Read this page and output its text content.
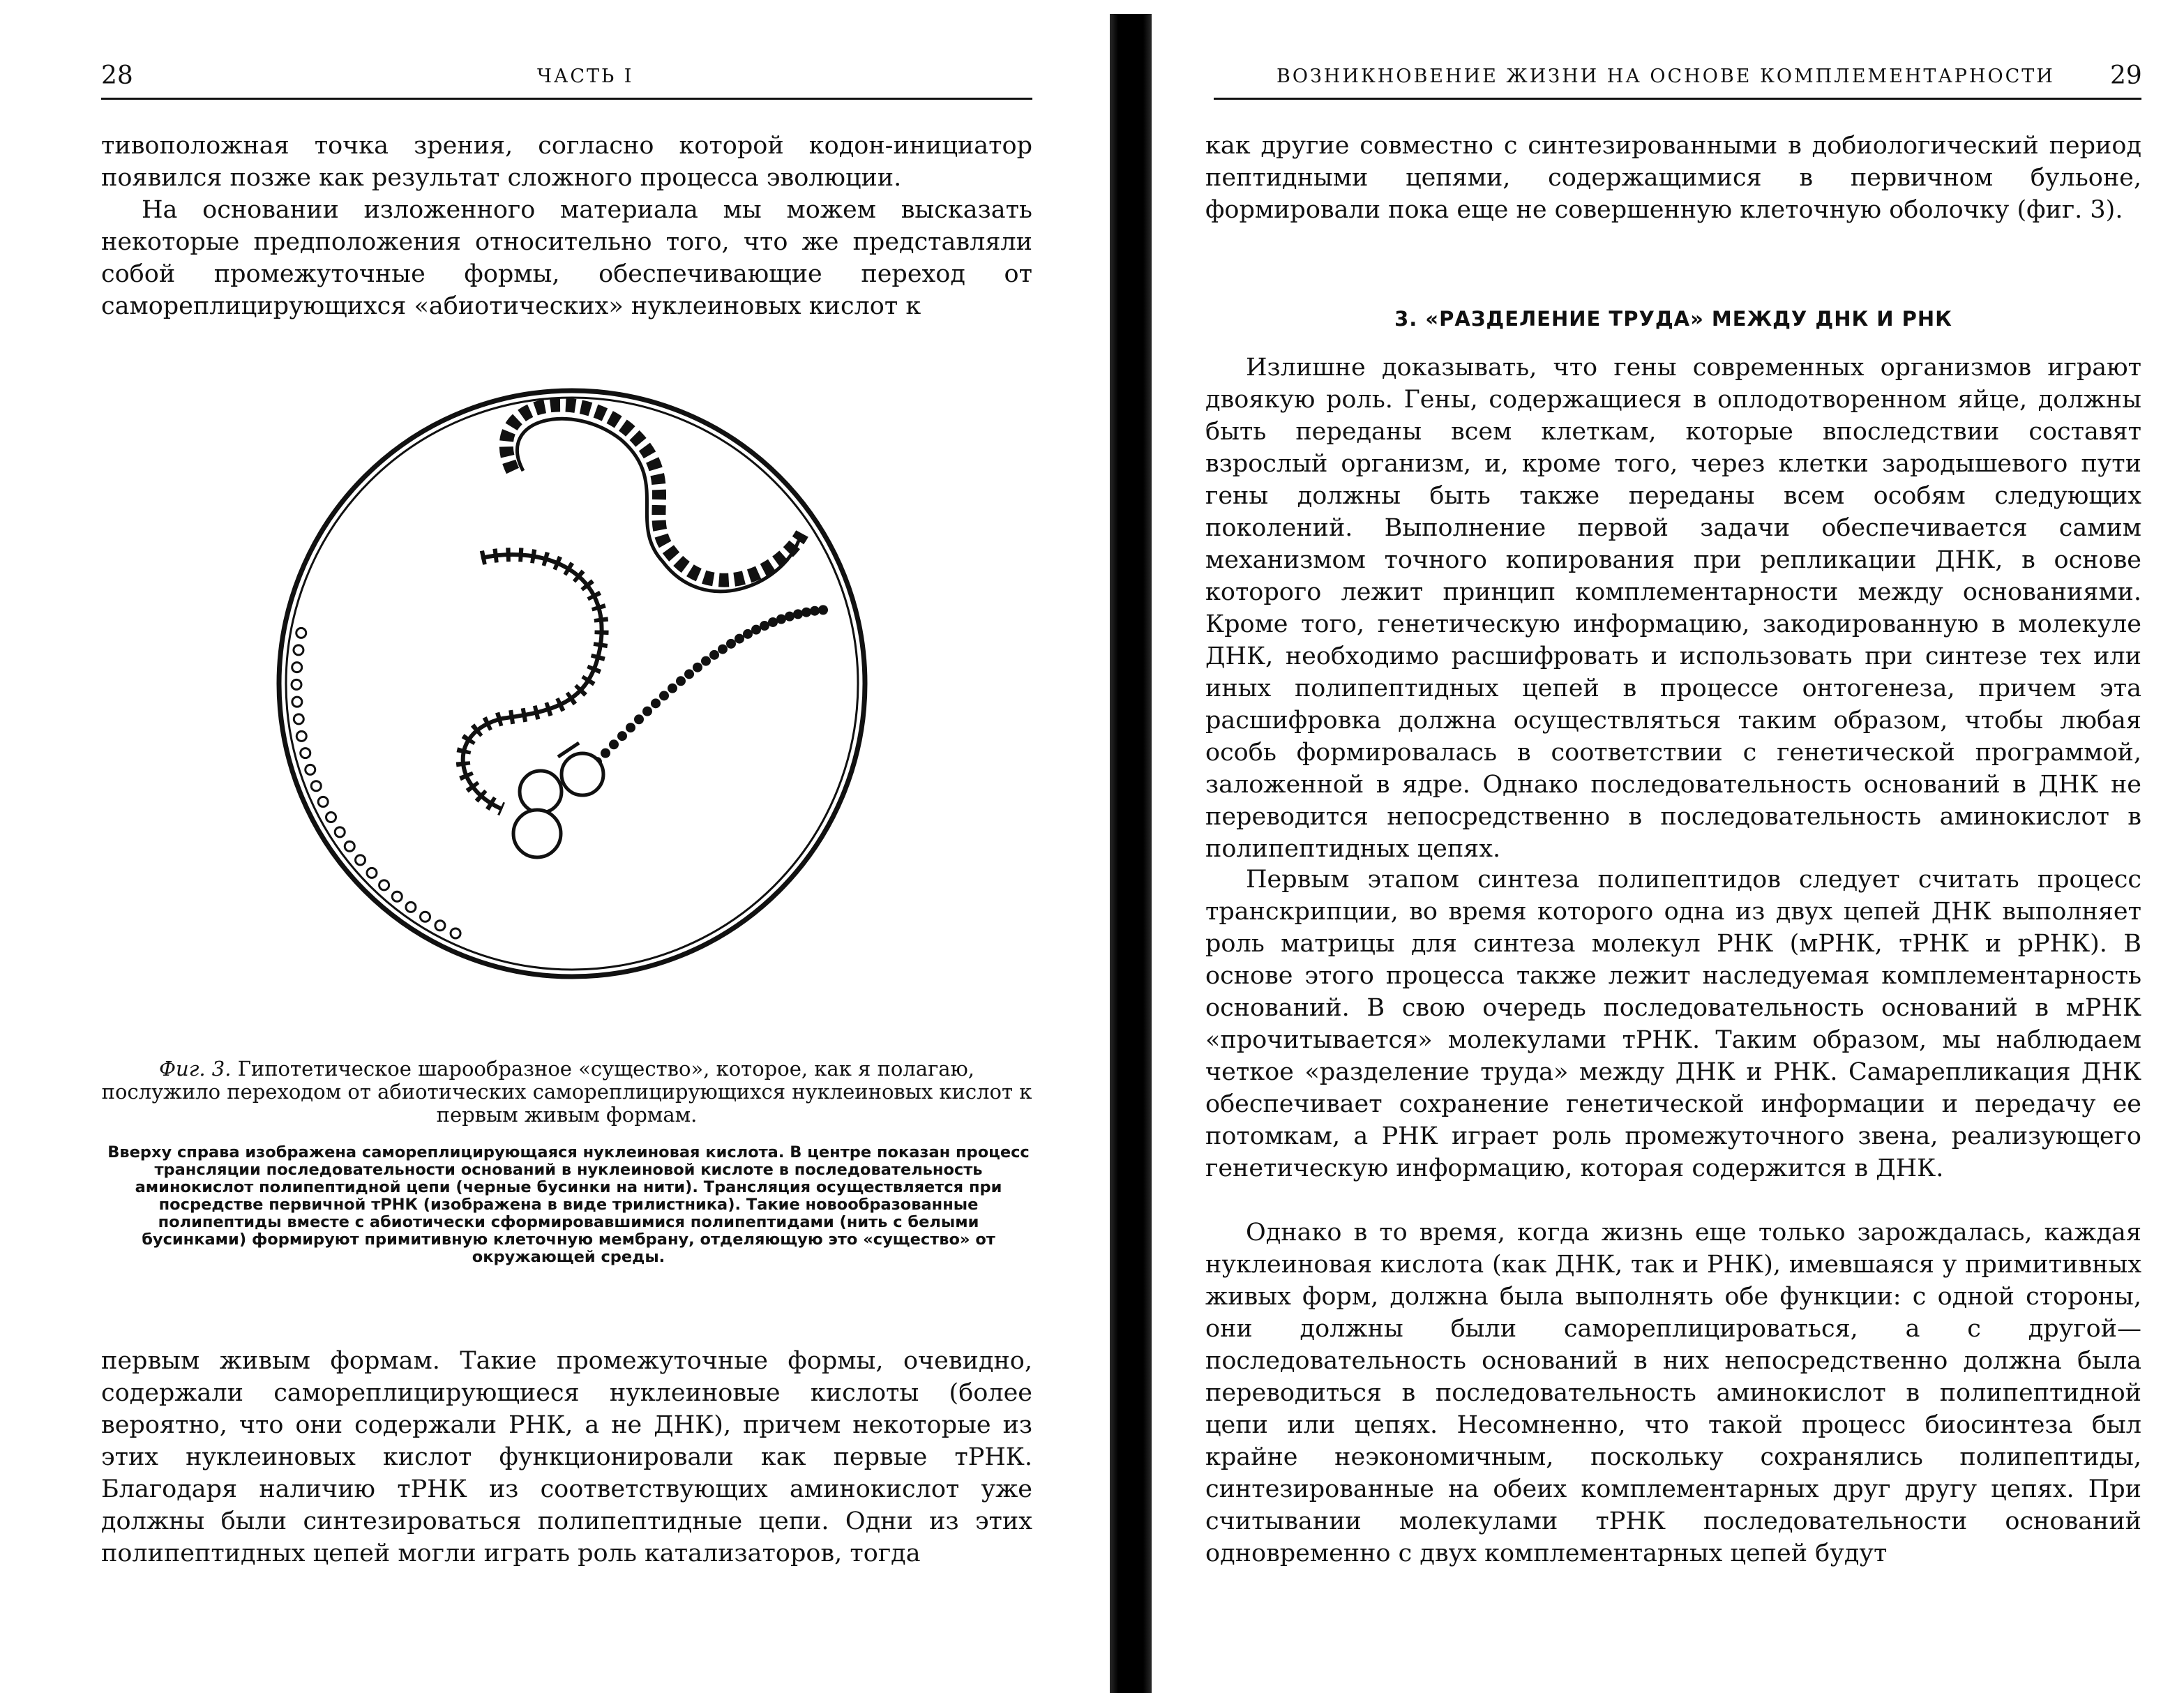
28	ЧАСТЬ I

тивоположная точка зрения, согласно которой кодон-инициатор появился позже как результат сложного процесса эволюции.

На основании изложенного материала мы можем высказать некоторые предположения относительно того, что же представляли собой промежуточные формы, обеспечивающие переход от самореплицирующихся «абиотических» нуклеиновых кислот к

Фиг. 3. Гипотетическое шарообразное «существо», которое, как я полагаю, послужило переходом от абиотических самореплицирующихся нуклеиновых кислот к первым живым формам.
Вверху справа изображена самореплицирующаяся нуклеиновая кислота. В центре показан процесс трансляции последовательности оснований в нуклеиновой кислоте в последовательность аминокислот полипептидной цепи (черные бусинки на нити). Трансляция осуществляется при посредстве первичной тРНК (изображена в виде трилистника). Такие новообразованные полипептиды вместе с абиотически сформировавшимися полипептидами (нить с белыми бусинками) формируют примитивную клеточную мембрану, отделяющую это «существо» от окружающей среды.

первым живым формам. Такие промежуточные формы, очевидно, содержали самореплицирующиеся нуклеиновые кислоты (более вероятно, что они содержали РНК, а не ДНК), причем некоторые из этих нуклеиновых кислот функционировали как первые тРНК. Благодаря наличию тРНК из соответствующих аминокислот уже должны были синтезироваться полипептидные цепи. Одни из этих полипептидных цепей могли играть роль катализаторов, тогда

ВОЗНИКНОВЕНИЕ ЖИЗНИ НА ОСНОВЕ КОМПЛЕМЕНТАРНОСТИ 29

как другие совместно с синтезированными в добиологический период пептидными цепями, содержащимися в первичном бульоне, формировали пока еще не совершенную клеточную оболочку (фиг. 3).

3. «РАЗДЕЛЕНИЕ ТРУДА» МЕЖДУ ДНК И РНК

Излишне доказывать, что гены современных организмов играют двоякую роль. Гены, содержащиеся в оплодотворенном яйце, должны быть переданы всем клеткам, которые впоследствии составят взрослый организм, и, кроме того, через клетки зародышевого пути гены должны быть также переданы всем особям следующих поколений. Выполнение первой задачи обеспечивается самим механизмом точного копирования при репликации ДНК, в основе которого лежит принцип комплементарности между основаниями. Кроме того, генетическую информацию, закодированную в молекуле ДНК, необходимо расшифровать и использовать при синтезе тех или иных полипептидных цепей в процессе онтогенеза, причем эта расшифровка должна осуществляться таким образом, чтобы любая особь формировалась в соответствии с генетической программой, заложенной в ядре. Однако последовательность оснований в ДНК не переводится непосредственно в последовательность аминокислот в полипептидных цепях.

Первым этапом синтеза полипептидов следует считать процесс транскрипции, во время которого одна из двух цепей ДНК выполняет роль матрицы для синтеза молекул РНК (мРНК, тРНК и рРНК). В основе этого процесса также лежит наследуемая комплементарность оснований. В свою очередь последовательность оснований в мРНК «прочитывается» молекулами тРНК. Таким образом, мы наблюдаем четкое «разделение труда» между ДНК и РНК. Самарепликация ДНК обеспечивает сохранение генетической информации и передачу ее потомкам, а РНК играет роль промежуточного звена, реализующего генетическую информацию, которая содержится в ДНК.

Однако в то время, когда жизнь еще только зарождалась, каждая нуклеиновая кислота (как ДНК, так и РНК), имевшаяся у примитивных живых форм, должна была выполнять обе функции: с одной стороны, они должны были самореплицироваться, а с другой—последовательность оснований в них непосредственно должна была переводиться в последовательность аминокислот в полипептидной цепи или цепях. Несомненно, что такой процесс биосинтеза был крайне неэкономичным, поскольку сохранялись полипептиды, синтезированные на обеих комплементарных друг другу цепях. При считывании молекулами тРНК последовательности оснований одновременно с двух комплементарных цепей будут
